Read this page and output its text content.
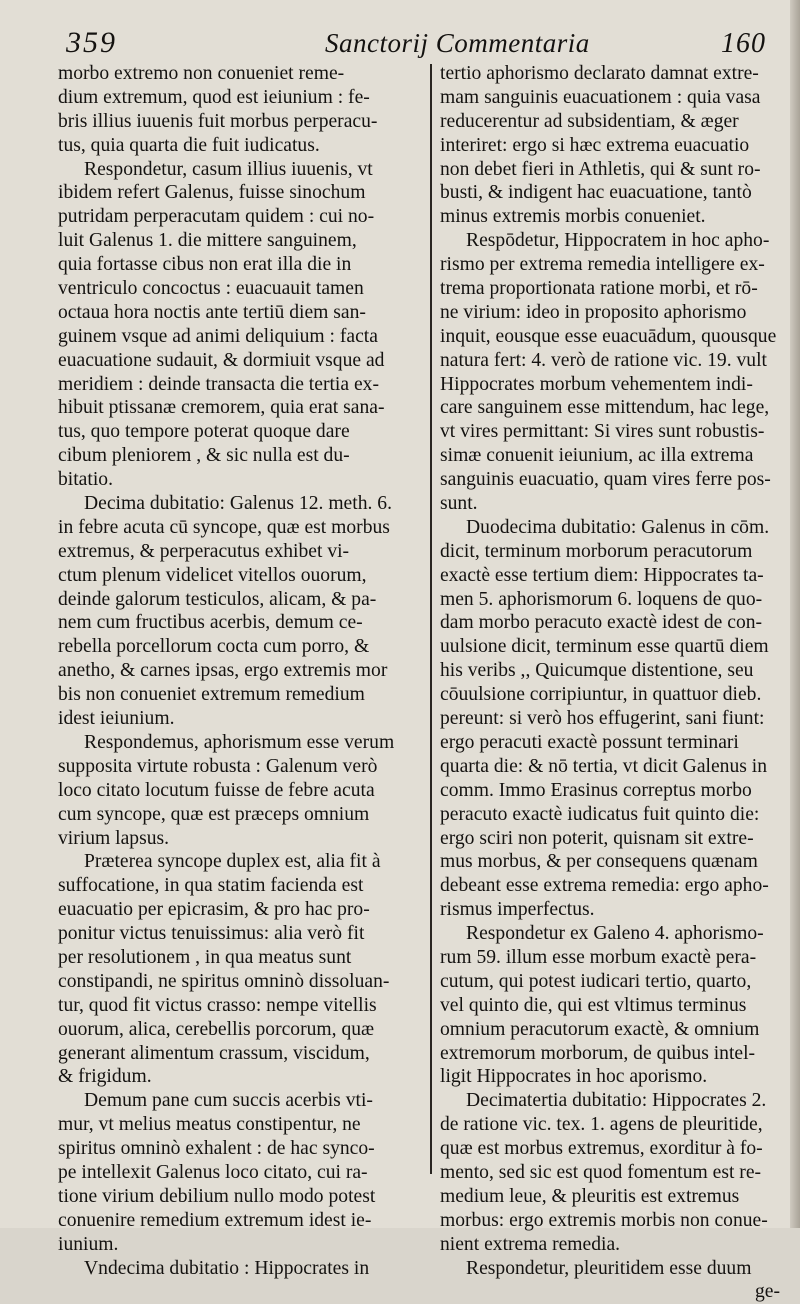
359	Sanctorij Commentaria	160
morbo extremo non conueniet reme-
dium extremum, quod est ieiunium : fe-
bris illius iuuenis fuit morbus perperacu-
tus, quia quarta die fuit iudicatus.
Respondetur, casum illius iuuenis, vt
ibidem refert Galenus, fuisse sinochum
putridam perperacutam quidem : cui no-
luit Galenus 1. die mittere sanguinem,
quia fortasse cibus non erat illa die in
ventriculo concoctus : euacuauit tamen
octaua hora noctis ante tertiū diem san-
guinem vsque ad animi deliquium : facta
euacuatione sudauit, & dormiuit vsque ad
meridiem : deinde transacta die tertia ex-
hibuit ptissanæ cremorem, quia erat sana-
tus, quo tempore poterat quoque dare
cibum pleniorem , & sic nulla est du-
bitatio.
Decima dubitatio: Galenus 12. meth. 6.
in febre acuta cū syncope, quæ est morbus
extremus, & perperacutus exhibet vi-
ctum plenum videlicet vitellos ouorum,
deinde galorum testiculos, alicam, & pa-
nem cum fructibus acerbis, demum ce-
rebella porcellorum cocta cum porro, &
anetho, & carnes ipsas, ergo extremis mor
bis non conueniet extremum remedium
idest ieiunium.
Respondemus, aphorismum esse verum
supposita virtute robusta : Galenum verò
loco citato locutum fuisse de febre acuta
cum syncope, quæ est præceps omnium
virium lapsus.
Præterea syncope duplex est, alia fit à
suffocatione, in qua statim facienda est
euacuatio per epicrasim, & pro hac pro-
ponitur victus tenuissimus: alia verò fit
per resolutionem , in qua meatus sunt
constipandi, ne spiritus omninò dissoluan-
tur, quod fit victus crasso: nempe vitellis
ouorum, alica, cerebellis porcorum, quæ
generant alimentum crassum, viscidum,
& frigidum.
Demum pane cum succis acerbis vti-
mur, vt melius meatus constipentur, ne
spiritus omninò exhalent : de hac synco-
pe intellexit Galenus loco citato, cui ra-
tione virium debilium nullo modo potest
conuenire remedium extremum idest ie-
iunium.
Vndecima dubitatio : Hippocrates in
tertio aphorismo declarato damnat extre-
mam sanguinis euacuationem : quia vasa
reducerentur ad subsidentiam, & æger
interiret: ergo si hæc extrema euacuatio
non debet fieri in Athletis, qui & sunt ro-
busti, & indigent hac euacuatione, tantò
minus extremis morbis conueniet.
Respōdetur, Hippocratem in hoc apho-
rismo per extrema remedia intelligere ex-
trema proportionata ratione morbi, et rō-
ne virium: ideo in proposito aphorismo
inquit, eousque esse euacuādum, quousque
natura fert: 4. verò de ratione vic. 19. vult
Hippocrates morbum vehementem indi-
care sanguinem esse mittendum, hac lege,
vt vires permittant: Si vires sunt robustis-
simæ conuenit ieiunium, ac illa extrema
sanguinis euacuatio, quam vires ferre pos-
sunt.
Duodecima dubitatio: Galenus in cōm.
dicit, terminum morborum peracutorum
exactè esse tertium diem: Hippocrates ta-
men 5. aphorismorum 6. loquens de quo-
dam morbo peracuto exactè idest de con-
uulsione dicit, terminum esse quartū diem
his veribs ,, Quicumque distentione, seu
cōuulsione corripiuntur, in quattuor dieb.
pereunt: si verò hos effugerint, sani fiunt:
ergo peracuti exactè possunt terminari
quarta die: & nō tertia, vt dicit Galenus in
comm. Immo Erasinus correptus morbo
peracuto exactè iudicatus fuit quinto die:
ergo sciri non poterit, quisnam sit extre-
mus morbus, & per consequens quænam
debeant esse extrema remedia: ergo apho-
rismus imperfectus.
Respondetur ex Galeno 4. aphorismo-
rum 59. illum esse morbum exactè pera-
cutum, qui potest iudicari tertio, quarto,
vel quinto die, qui est vltimus terminus
omnium peracutorum exactè, & omnium
extremorum morborum, de quibus intel-
ligit Hippocrates in hoc aporismo.
Decimatertia dubitatio: Hippocrates 2.
de ratione vic. tex. 1. agens de pleuritide,
quæ est morbus extremus, exorditur à fo-
mento, sed sic est quod fomentum est re-
medium leue, & pleuritis est extremus
morbus: ergo extremis morbis non conue-
nient extrema remedia.
Respondetur, pleuritidem esse duum
ge-
